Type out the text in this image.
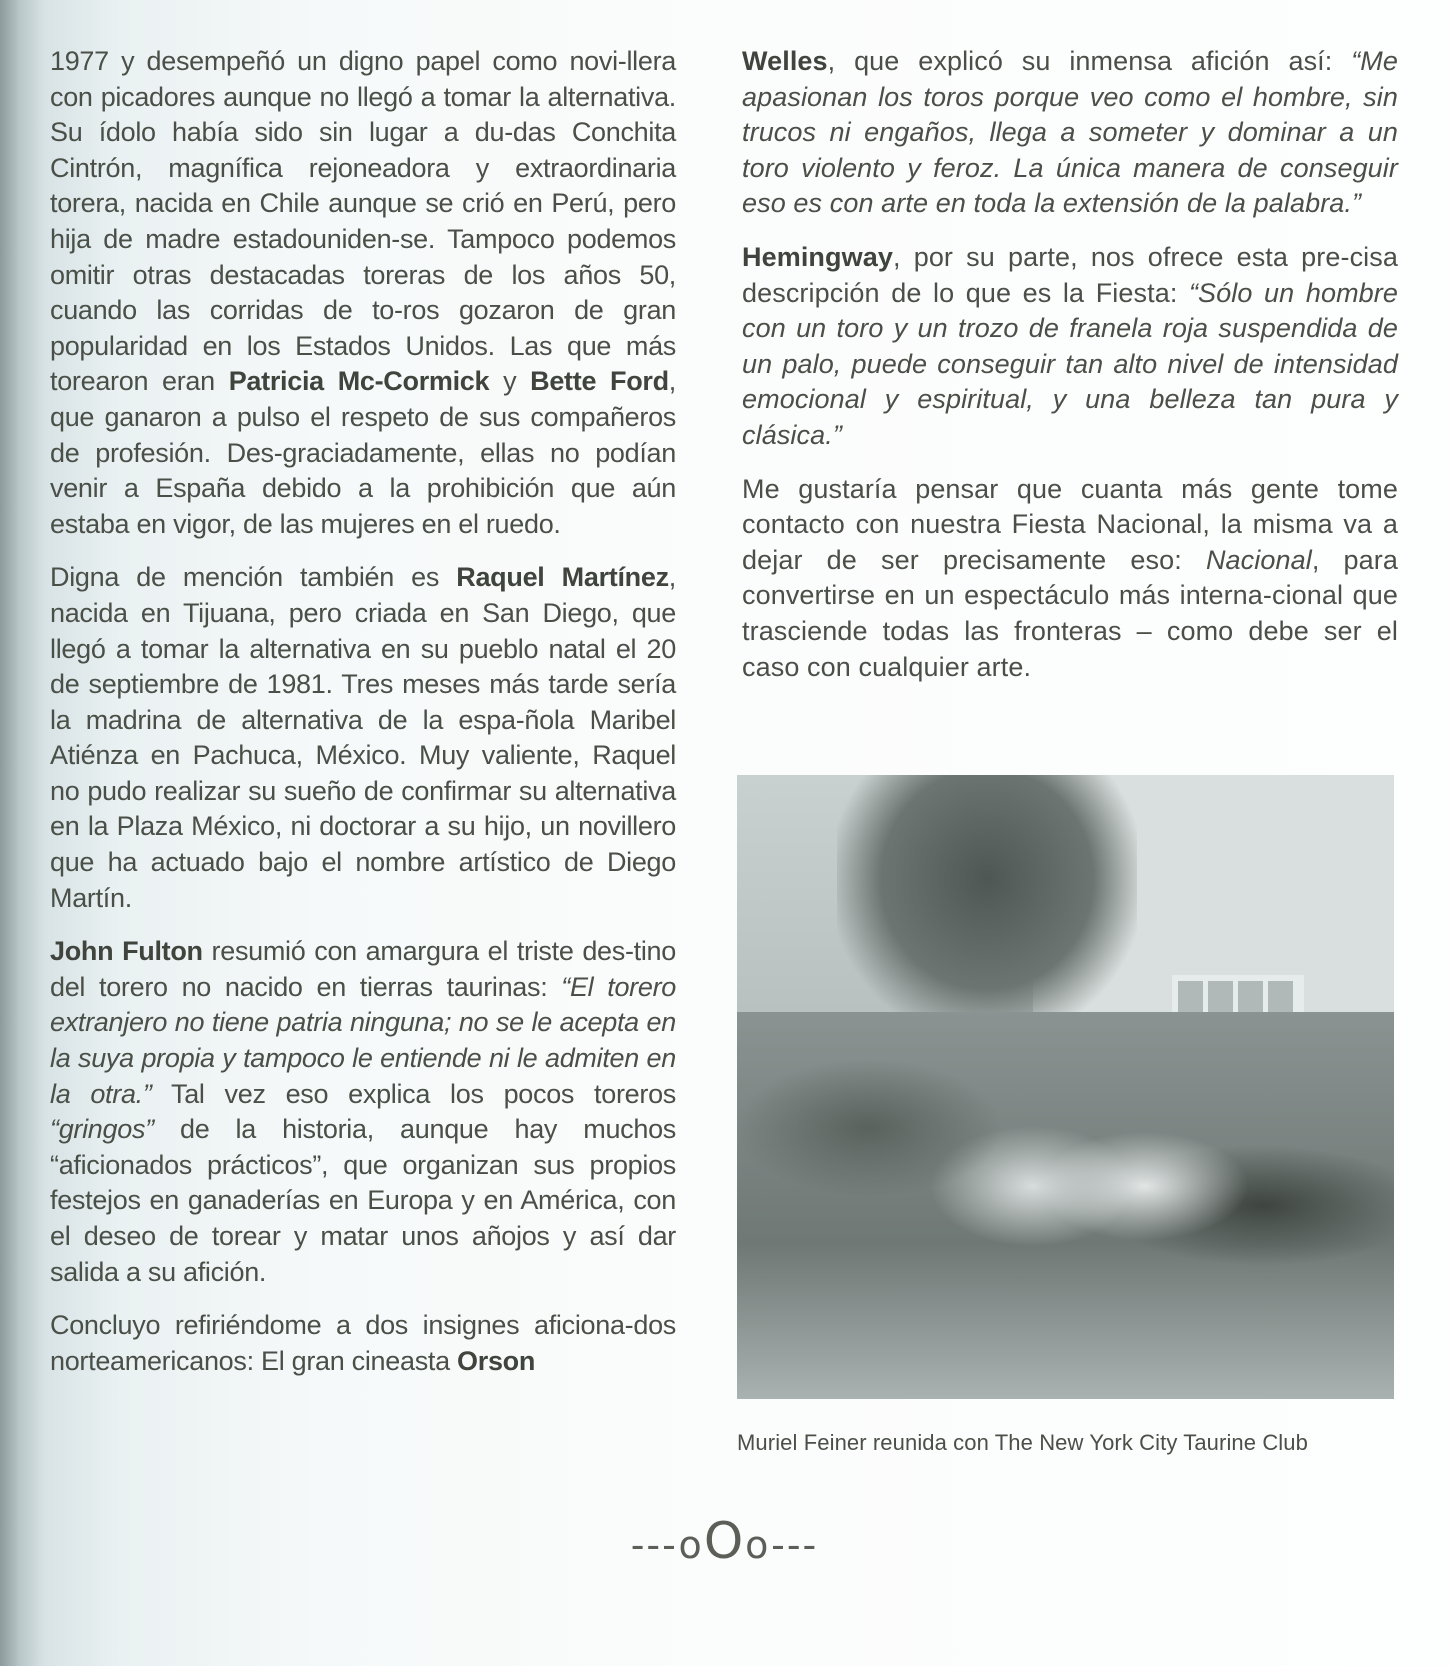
1977 y desempeñó un digno papel como novi-llera con picadores aunque no llegó a tomar la alternativa. Su ídolo había sido sin lugar a du-das Conchita Cintrón, magnífica rejoneadora y extraordinaria torera, nacida en Chile aunque se crió en Perú, pero hija de madre estadouniden-se. Tampoco podemos omitir otras destacadas toreras de los años 50, cuando las corridas de to-ros gozaron de gran popularidad en los Estados Unidos. Las que más torearon eran Patricia Mc-Cormick y Bette Ford, que ganaron a pulso el respeto de sus compañeros de profesión. Des-graciadamente, ellas no podían venir a España debido a la prohibición que aún estaba en vigor, de las mujeres en el ruedo.

Digna de mención también es Raquel Martínez, nacida en Tijuana, pero criada en San Diego, que llegó a tomar la alternativa en su pueblo natal el 20 de septiembre de 1981. Tres meses más tarde sería la madrina de alternativa de la espa-ñola Maribel Atiénza en Pachuca, México. Muy valiente, Raquel no pudo realizar su sueño de confirmar su alternativa en la Plaza México, ni doctorar a su hijo, un novillero que ha actuado bajo el nombre artístico de Diego Martín.

John Fulton resumió con amargura el triste des-tino del torero no nacido en tierras taurinas: “El torero extranjero no tiene patria ninguna; no se le acepta en la suya propia y tampoco le entiende ni le admiten en la otra.” Tal vez eso explica los pocos toreros “gringos” de la historia, aunque hay muchos “aficionados prácticos”, que organizan sus propios festejos en ganaderías en Europa y en América, con el deseo de torear y matar unos añojos y así dar salida a su afición.

Concluyo refiriéndome a dos insignes aficiona-dos norteamericanos: El gran cineasta Orson

Welles, que explicó su inmensa afición así: “Me apasionan los toros porque veo como el hombre, sin trucos ni engaños, llega a someter y dominar a un toro violento y feroz. La única manera de conseguir eso es con arte en toda la extensión de la palabra.”

Hemingway, por su parte, nos ofrece esta pre-cisa descripción de lo que es la Fiesta: “Sólo un hombre con un toro y un trozo de franela roja suspendida de un palo, puede conseguir tan alto nivel de intensidad emocional y espiritual, y una belleza tan pura y clásica.”

Me gustaría pensar que cuanta más gente tome contacto con nuestra Fiesta Nacional, la misma va a dejar de ser precisamente eso: Nacional, para convertirse en un espectáculo más interna-cional que trasciende todas las fronteras – como debe ser el caso con cualquier arte.

Muriel Feiner reunida con The New York City Taurine Club
---oOo---
